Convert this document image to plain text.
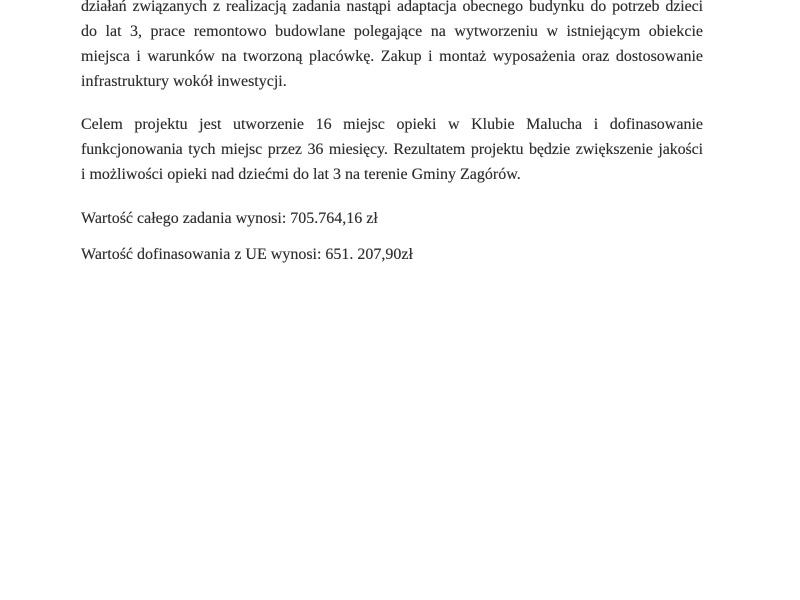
działań związanych z realizacją zadania nastąpi adaptacja obecnego budynku do potrzeb dzieci
do lat 3, prace remontowo budowlane polegające na wytworzeniu w istniejącym obiekcie
miejsca i warunków na tworzoną placówkę. Zakup i montaż wyposażenia oraz dostosowanie
infrastruktury wokół inwestycji.
Celem projektu jest utworzenie 16 miejsc opieki w Klubie Malucha i dofinasowanie
funkcjonowania tych miejsc przez 36 miesięcy. Rezultatem projektu będzie zwiększenie jakości
i możliwości opieki nad dziećmi do lat 3 na terenie Gminy Zagórów.
Wartość całego zadania wynosi: 705.764,16 zł
Wartość dofinasowania z UE wynosi: 651. 207,90zł
